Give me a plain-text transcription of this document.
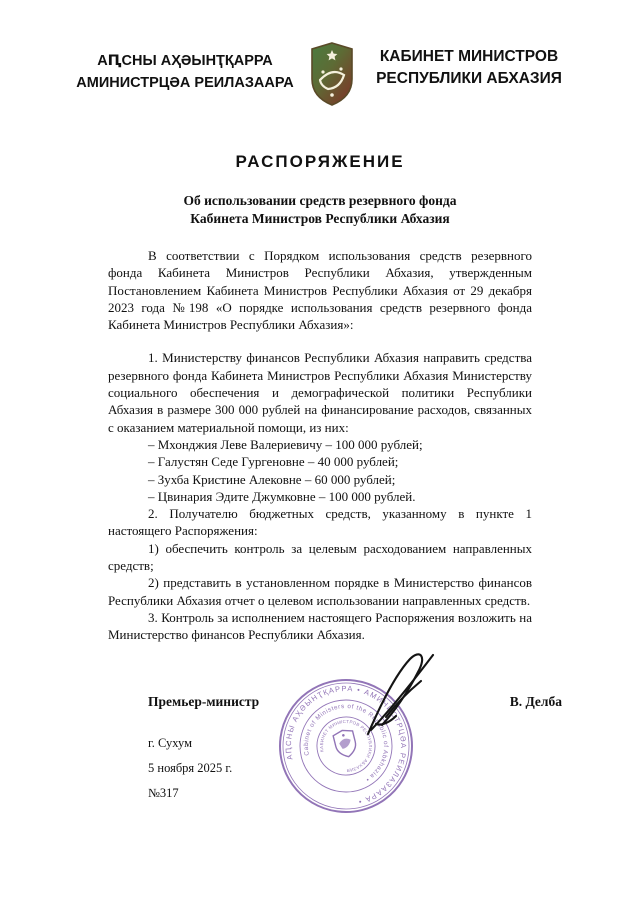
АԤСНЫ АҲӘЫНҬҚАРРА
АМИНИСТРЦӘА РЕИЛАЗААРА
КАБИНЕТ МИНИСТРОВ
РЕСПУБЛИКИ АБХАЗИЯ
РАСПОРЯЖЕНИЕ
Об использовании средств резервного фонда
Кабинета Министров Республики Абхазия

В соответствии с Порядком использования средств резервного фонда Кабинета Министров Республики Абхазия, утвержденным Постановлением Кабинета Министров Республики Абхазия от 29 декабря 2023 года №198 «О порядке использования средств резервного фонда Кабинета Министров Республики Абхазия»:

1. Министерству финансов Республики Абхазия направить средства резервного фонда Кабинета Министров Республики Абхазия Министерству социального обеспечения и демографической политики Республики Абхазия в размере 300 000 рублей на финансирование расходов, связанных с оказанием материальной помощи, из них:

– Мхонджия Леве Валериевичу – 100 000 рублей;
– Галустян Седе Гургеновне – 40 000 рублей;
– Зухба Кристине Алековне – 60 000 рублей;
– Цвинария Эдите Джумковне – 100 000 рублей.

2. Получателю бюджетных средств, указанному в пункте 1 настоящего Распоряжения:

1) обеспечить контроль за целевым расходованием направленных средств;

2) представить в установленном порядке в Министерство финансов Республики Абхазия отчет о целевом использовании направленных средств.

3. Контроль за исполнением настоящего Распоряжения возложить на Министерство финансов Республики Абхазия.

Премьер-министр	В. Делба
г. Сухум
5 ноября 2025 г.
№317
АԤСНЫ АҲӘЫНҬҚАРРА • АМИНИСТРЦӘА РЕИЛАЗААРА •
Cabinet of Ministers of the Republic of Abkhazia •
КАБИНЕТ МИНИСТРОВ РЕСПУБЛИКИ АБХАЗИЯ
